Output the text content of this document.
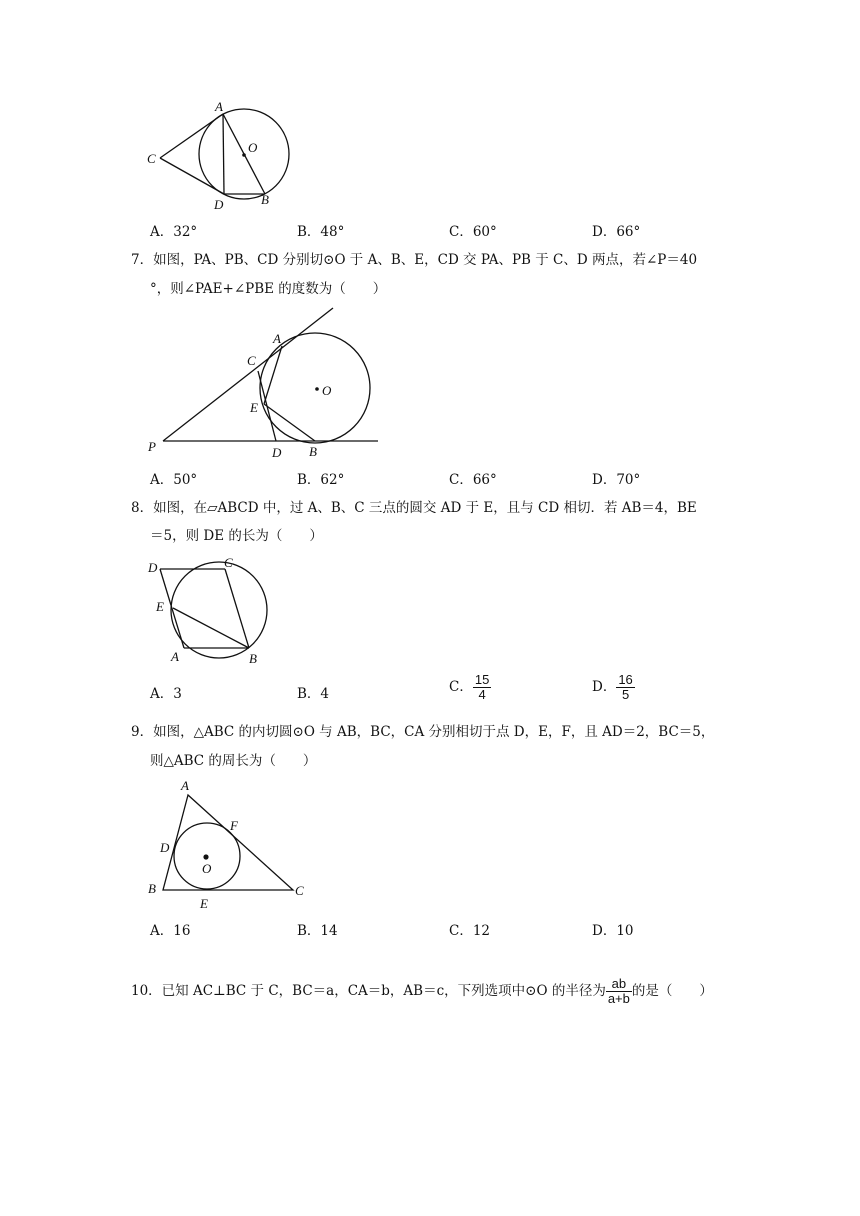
A
C
O
D	B
A．32°	B．48°	C．60°	D．66°
7．如图，PA、PB、CD 分别切⊙O 于 A、B、E，CD 交 PA、PB 于 C、D 两点，若∠P＝40
°，则∠PAE+∠PBE 的度数为（　　）
A
C
O
E
P	D B
A．50°	B．62°	C．66°	D．70°
8．如图，在▱ABCD 中，过 A、B、C 三点的圆交 AD 于 E，且与 CD 相切．若 AB＝4，BE
＝5，则 DE 的长为（　　）
D	C
E
A	B
A．3	B．4	C． $\frac{15}{4}$	D． $\frac{16}{5}$
9．如图，△ABC 的内切圆⊙O 与 AB，BC，CA 分别相切于点 D，E，F，且 AD＝2，BC＝5，
则△ABC 的周长为（　　）
A
F
D
O
B	C
E
A．16	B．14	C．12	D．10
10．已知 AC⊥BC 于 C，BC＝a，CA＝b，AB＝c，下列选项中⊙O 的半径为 $\frac{ab}{a+b}$ 的是（　　）
